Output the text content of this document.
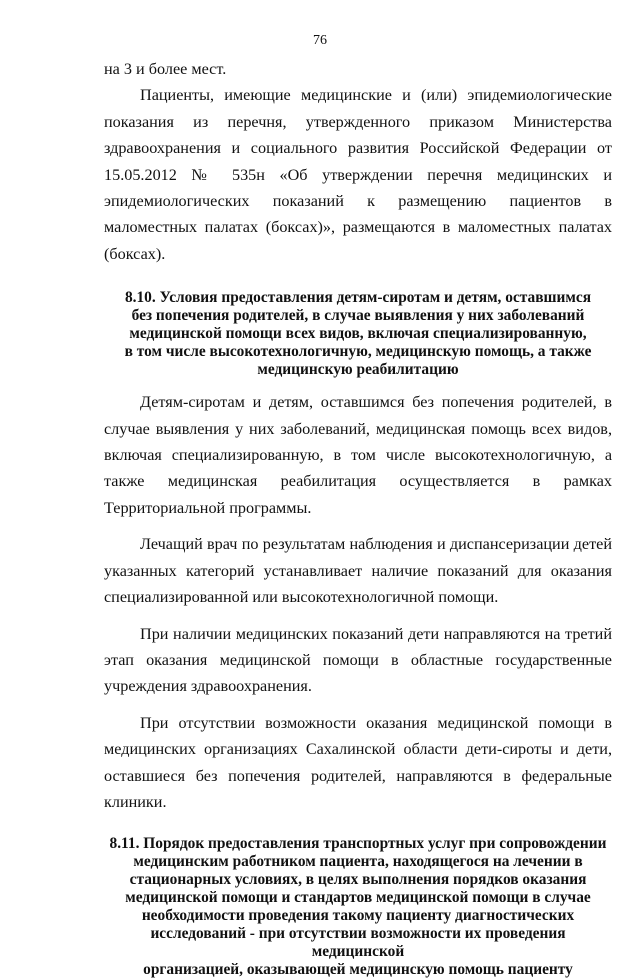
76

на 3 и более мест.

Пациенты, имеющие медицинские и (или) эпидемиологические показания из перечня, утвержденного приказом Министерства здравоохранения и социального развития Российской Федерации от 15.05.2012 № 535н «Об утверждении перечня медицинских и эпидемиологических показаний к размещению пациентов в маломестных палатах (боксах)», размещаются в маломестных палатах (боксах).

8.10. Условия предоставления детям-сиротам и детям, оставшимся
без попечения родителей, в случае выявления у них заболеваний
медицинской помощи всех видов, включая специализированную,
в том числе высокотехнологичную, медицинскую помощь, а также
медицинскую реабилитацию

Детям-сиротам и детям, оставшимся без попечения родителей, в случае выявления у них заболеваний, медицинская помощь всех видов, включая специализированную, в том числе высокотехнологичную, а также медицинская реабилитация осуществляется в рамках Территориальной программы.

Лечащий врач по результатам наблюдения и диспансеризации детей указанных категорий устанавливает наличие показаний для оказания специализированной или высокотехнологичной помощи.

При наличии медицинских показаний дети направляются на третий этап оказания медицинской помощи в областные государственные учреждения здравоохранения.

При отсутствии возможности оказания медицинской помощи в медицинских организациях Сахалинской области дети-сироты и дети, оставшиеся без попечения родителей, направляются в федеральные клиники.

8.11. Порядок предоставления транспортных услуг при сопровождении
медицинским работником пациента, находящегося на лечении в
стационарных условиях, в целях выполнения порядков оказания
медицинской помощи и стандартов медицинской помощи в случае
необходимости проведения такому пациенту диагностических
исследований - при отсутствии возможности их проведения медицинской
организацией, оказывающей медицинскую помощь пациенту
